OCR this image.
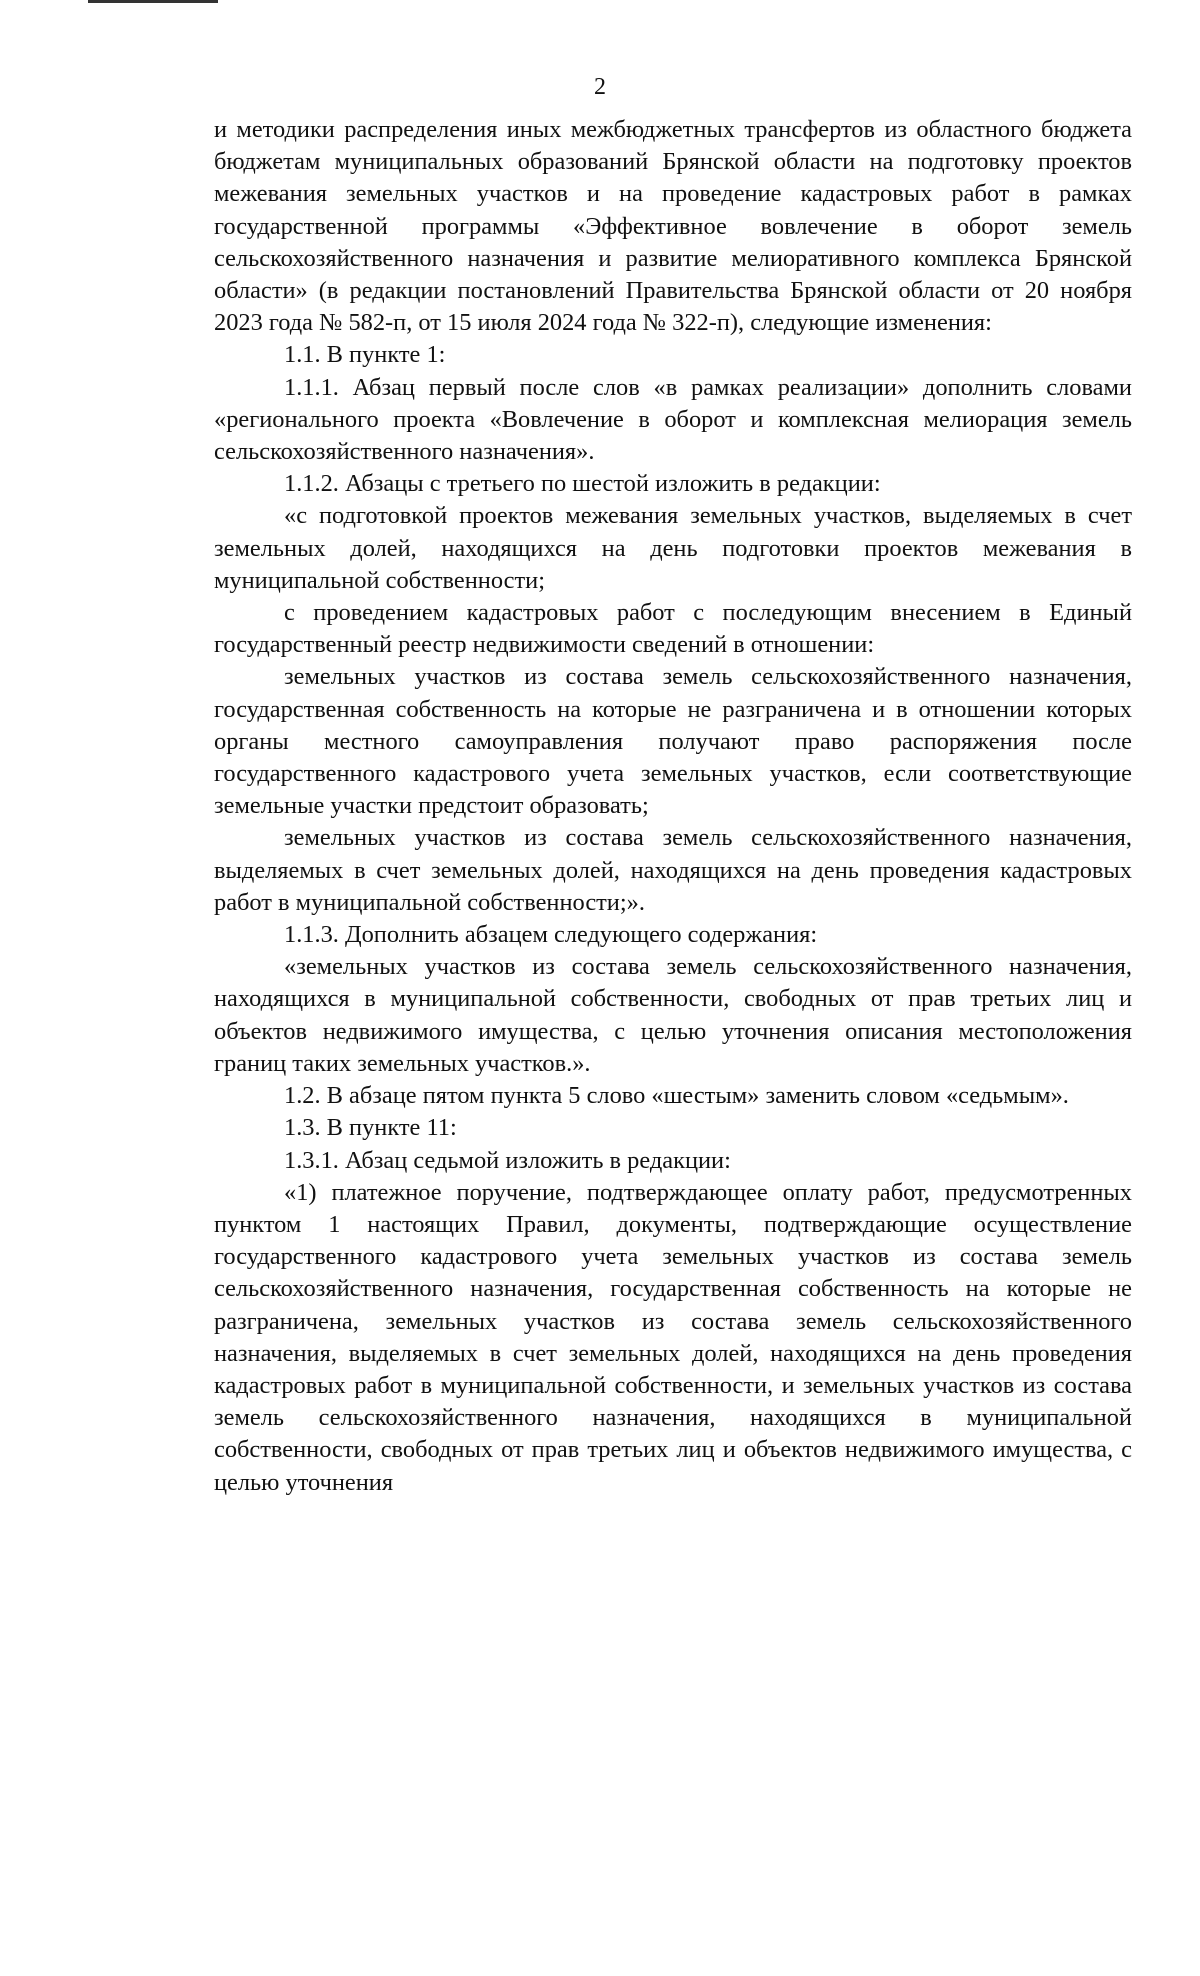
2

и методики распределения иных межбюджетных трансфертов из областного бюджета бюджетам муниципальных образований Брянской области на подготовку проектов межевания земельных участков и на проведение кадастровых работ в рамках государственной программы «Эффективное вовлечение в оборот земель сельскохозяйственного назначения и развитие мелиоративного комплекса Брянской области» (в редакции постановлений Правительства Брянской области от 20 ноября 2023 года № 582-п, от 15 июля 2024 года № 322-п), следующие изменения:

1.1. В пункте 1:

1.1.1. Абзац первый после слов «в рамках реализации» дополнить словами «регионального проекта «Вовлечение в оборот и комплексная мелиорация земель сельскохозяйственного назначения».

1.1.2. Абзацы с третьего по шестой изложить в редакции:

«с подготовкой проектов межевания земельных участков, выделяемых в счет земельных долей, находящихся на день подготовки проектов межевания в муниципальной собственности;

с проведением кадастровых работ с последующим внесением в Единый государственный реестр недвижимости сведений в отношении:

земельных участков из состава земель сельскохозяйственного назначения, государственная собственность на которые не разграничена и в отношении которых органы местного самоуправления получают право распоряжения после государственного кадастрового учета земельных участков, если соответствующие земельные участки предстоит образовать;

земельных участков из состава земель сельскохозяйственного назначения, выделяемых в счет земельных долей, находящихся на день проведения кадастровых работ в муниципальной собственности;».

1.1.3. Дополнить абзацем следующего содержания:

«земельных участков из состава земель сельскохозяйственного назначения, находящихся в муниципальной собственности, свободных от прав третьих лиц и объектов недвижимого имущества, с целью уточнения описания местоположения границ таких земельных участков.».

1.2. В абзаце пятом пункта 5 слово «шестым» заменить словом «седьмым».

1.3. В пункте 11:

1.3.1. Абзац седьмой изложить в редакции:

«1) платежное поручение, подтверждающее оплату работ, предусмотренных пунктом 1 настоящих Правил, документы, подтверждающие осуществление государственного кадастрового учета земельных участков из состава земель сельскохозяйственного назначения, государственная собственность на которые не разграничена, земельных участков из состава земель сельскохозяйственного назначения, выделяемых в счет земельных долей, находящихся на день проведения кадастровых работ в муниципальной собственности, и земельных участков из состава земель сельскохозяйственного назначения, находящихся в муниципальной собственности, свободных от прав третьих лиц и объектов недвижимого имущества, с целью уточнения
